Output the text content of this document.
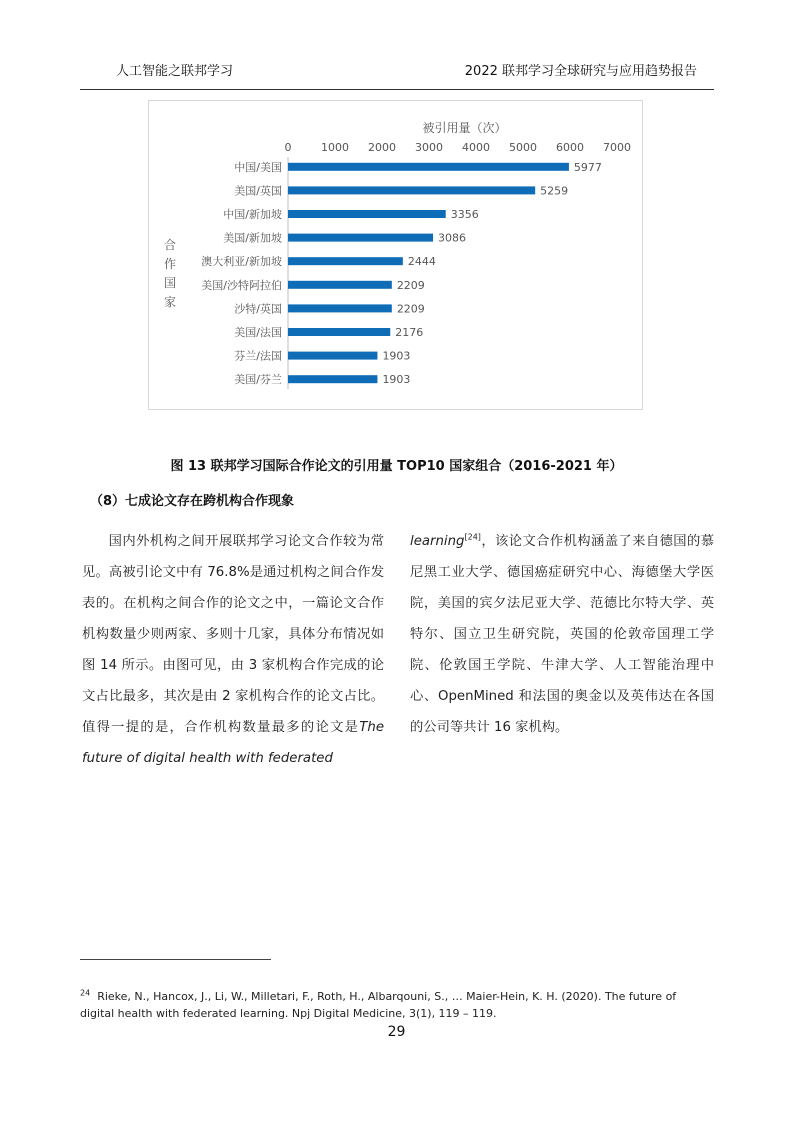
人工智能之联邦学习	2022 联邦学习全球研究与应用趋势报告
被引用量（次）
0	1000 2000 3000 4000 5000 6000 7000
中国/美国	5977
美国/英国	5259
中国/新加坡	3356
美国/新加坡	3086
澳大利亚/新加坡	2444
美国/沙特阿拉伯	2209
沙特/英国	2209
美国/法国	2176
芬兰/法国	1903
美国/芬兰	1903
合作国家
图 13 联邦学习国际合作论文的引用量 TOP10 国家组合（2016-2021 年）
（8）七成论文存在跨机构合作现象

国内外机构之间开展联邦学习论文合作较为常见。高被引论文中有 76.8%是通过机构之间合作发表的。在机构之间合作的论文之中，一篇论文合作机构数量少则两家、多则十几家，具体分布情况如图 14 所示。由图可见，由 3 家机构合作完成的论文占比最多，其次是由 2 家机构合作的论文占比。值得一提的是，合作机构数量最多的论文是The future of digital health with federated

learning[24]，该论文合作机构涵盖了来自德国的慕尼黑工业大学、德国癌症研究中心、海德堡大学医院，美国的宾夕法尼亚大学、范德比尔特大学、英特尔、国立卫生研究院，英国的伦敦帝国理工学院、伦敦国王学院、牛津大学、人工智能治理中心、OpenMined 和法国的奥金以及英伟达在各国的公司等共计 16 家机构。

$^{24}$ Rieke, N., Hancox, J., Li, W., Milletari, F., Roth, H., Albarqouni, S., … Maier-Hein, K. H. (2020). The future of digital health with federated learning. Npj Digital Medicine, 3(1), 119 – 119.
29
